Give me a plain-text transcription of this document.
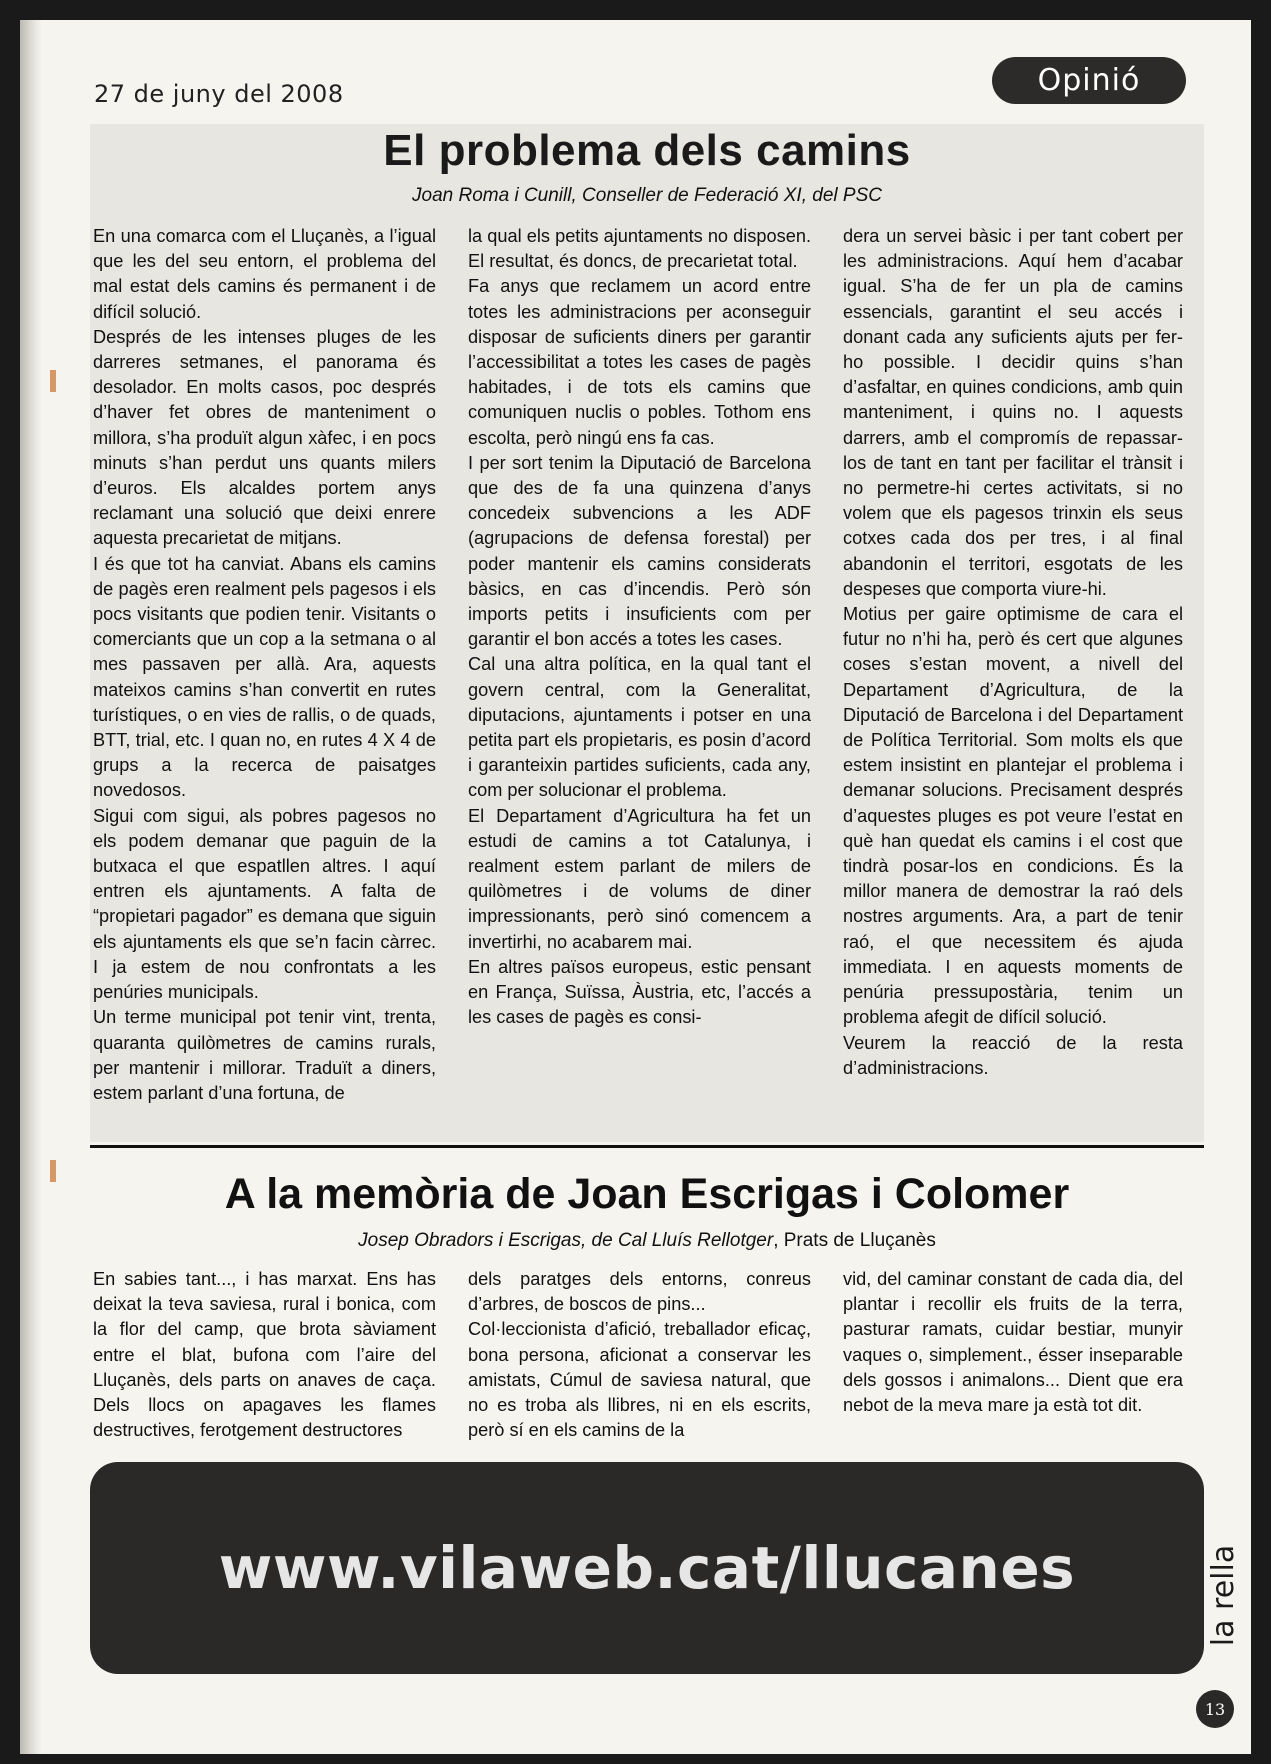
27 de juny del 2008	Opinió
El problema dels camins
Joan Roma i Cunill, Conseller de Federació XI, del PSC

En una comarca com el Lluçanès, a l’igual que les del seu entorn, el problema del mal estat dels camins és permanent i de difícil solució.

Després de les intenses pluges de les darreres setmanes, el panorama és desolador. En molts casos, poc després d’haver fet obres de manteniment o millora, s’ha produït algun xàfec, i en pocs minuts s’han perdut uns quants milers d’euros. Els alcaldes portem anys reclamant una solució que deixi enrere aquesta precarietat de mitjans.

I és que tot ha canviat. Abans els camins de pagès eren realment pels pagesos i els pocs visitants que podien tenir. Visitants o comerciants que un cop a la setmana o al mes passaven per allà. Ara, aquests mateixos camins s’han convertit en rutes turístiques, o en vies de rallis, o de quads, BTT, trial, etc. I quan no, en rutes 4 X 4 de grups a la recerca de paisatges novedosos.

Sigui com sigui, als pobres pagesos no els podem demanar que paguin de la butxaca el que espatllen altres. I aquí entren els ajuntaments. A falta de “propietari pagador” es demana que siguin els ajuntaments els que se’n facin càrrec. I ja estem de nou confrontats a les penúries municipals.

Un terme municipal pot tenir vint, trenta, quaranta quilòmetres de camins rurals, per mantenir i millorar. Traduït a diners, estem parlant d’una fortuna, de

la qual els petits ajuntaments no disposen. El resultat, és doncs, de precarietat total.

Fa anys que reclamem un acord entre totes les administracions per aconseguir disposar de suficients diners per garantir l’accessibilitat a totes les cases de pagès habitades, i de tots els camins que comuniquen nuclis o pobles. Tothom ens escolta, però ningú ens fa cas.

I per sort tenim la Diputació de Barcelona que des de fa una quinzena d’anys concedeix subvencions a les ADF (agrupacions de defensa forestal) per poder mantenir els camins considerats bàsics, en cas d’incendis. Però són imports petits i insuficients com per garantir el bon accés a totes les cases.

Cal una altra política, en la qual tant el govern central, com la Generalitat, diputacions, ajuntaments i potser en una petita part els propietaris, es posin d’acord i garanteixin partides suficients, cada any, com per solucionar el problema.

El Departament d’Agricultura ha fet un estudi de camins a tot Catalunya, i realment estem parlant de milers de quilòmetres i de volums de diner impressionants, però sinó comencem a invertirhi, no acabarem mai.

En altres països europeus, estic pensant en França, Suïssa, Àustria, etc, l’accés a les cases de pagès es consi-

dera un servei bàsic i per tant cobert per les administracions. Aquí hem d’acabar igual. S’ha de fer un pla de camins essencials, garantint el seu accés i donant cada any suficients ajuts per fer-ho possible. I decidir quins s’han d’asfaltar, en quines condicions, amb quin manteniment, i quins no. I aquests darrers, amb el compromís de repassar-los de tant en tant per facilitar el trànsit i no permetre-hi certes activitats, si no volem que els pagesos trinxin els seus cotxes cada dos per tres, i al final abandonin el territori, esgotats de les despeses que comporta viure-hi.

Motius per gaire optimisme de cara el futur no n’hi ha, però és cert que algunes coses s’estan movent, a nivell del Departament d’Agricultura, de la Diputació de Barcelona i del Departament de Política Territorial. Som molts els que estem insistint en plantejar el problema i demanar solucions. Precisament després d’aquestes pluges es pot veure l’estat en què han quedat els camins i el cost que tindrà posar-los en condicions. És la millor manera de demostrar la raó dels nostres arguments. Ara, a part de tenir raó, el que necessitem és ajuda immediata. I en aquests moments de penúria pressupostària, tenim un problema afegit de difícil solució.

Veurem la reacció de la resta d’administracions.

A la memòria de Joan Escrigas i Colomer
Josep Obradors i Escrigas, de Cal Lluís Rellotger, Prats de Lluçanès

En sabies tant..., i has marxat. Ens has deixat la teva saviesa, rural i bonica, com la flor del camp, que brota sàviament entre el blat, bufona com l’aire del Lluçanès, dels parts on anaves de caça. Dels llocs on apagaves les flames destructives, ferotgement destructores

dels paratges dels entorns, conreus d’arbres, de boscos de pins...

Col·leccionista d’afició, treballador eficaç, bona persona, aficionat a conservar les amistats, Cúmul de saviesa natural, que no es troba als llibres, ni en els escrits, però sí en els camins de la

vid, del caminar constant de cada dia, del plantar i recollir els fruits de la terra, pasturar ramats, cuidar bestiar, munyir vaques o, simplement., ésser inseparable dels gossos i animalons... Dient que era nebot de la meva mare ja està tot dit.

www.vilaweb.cat/llucanes	la rella
13
